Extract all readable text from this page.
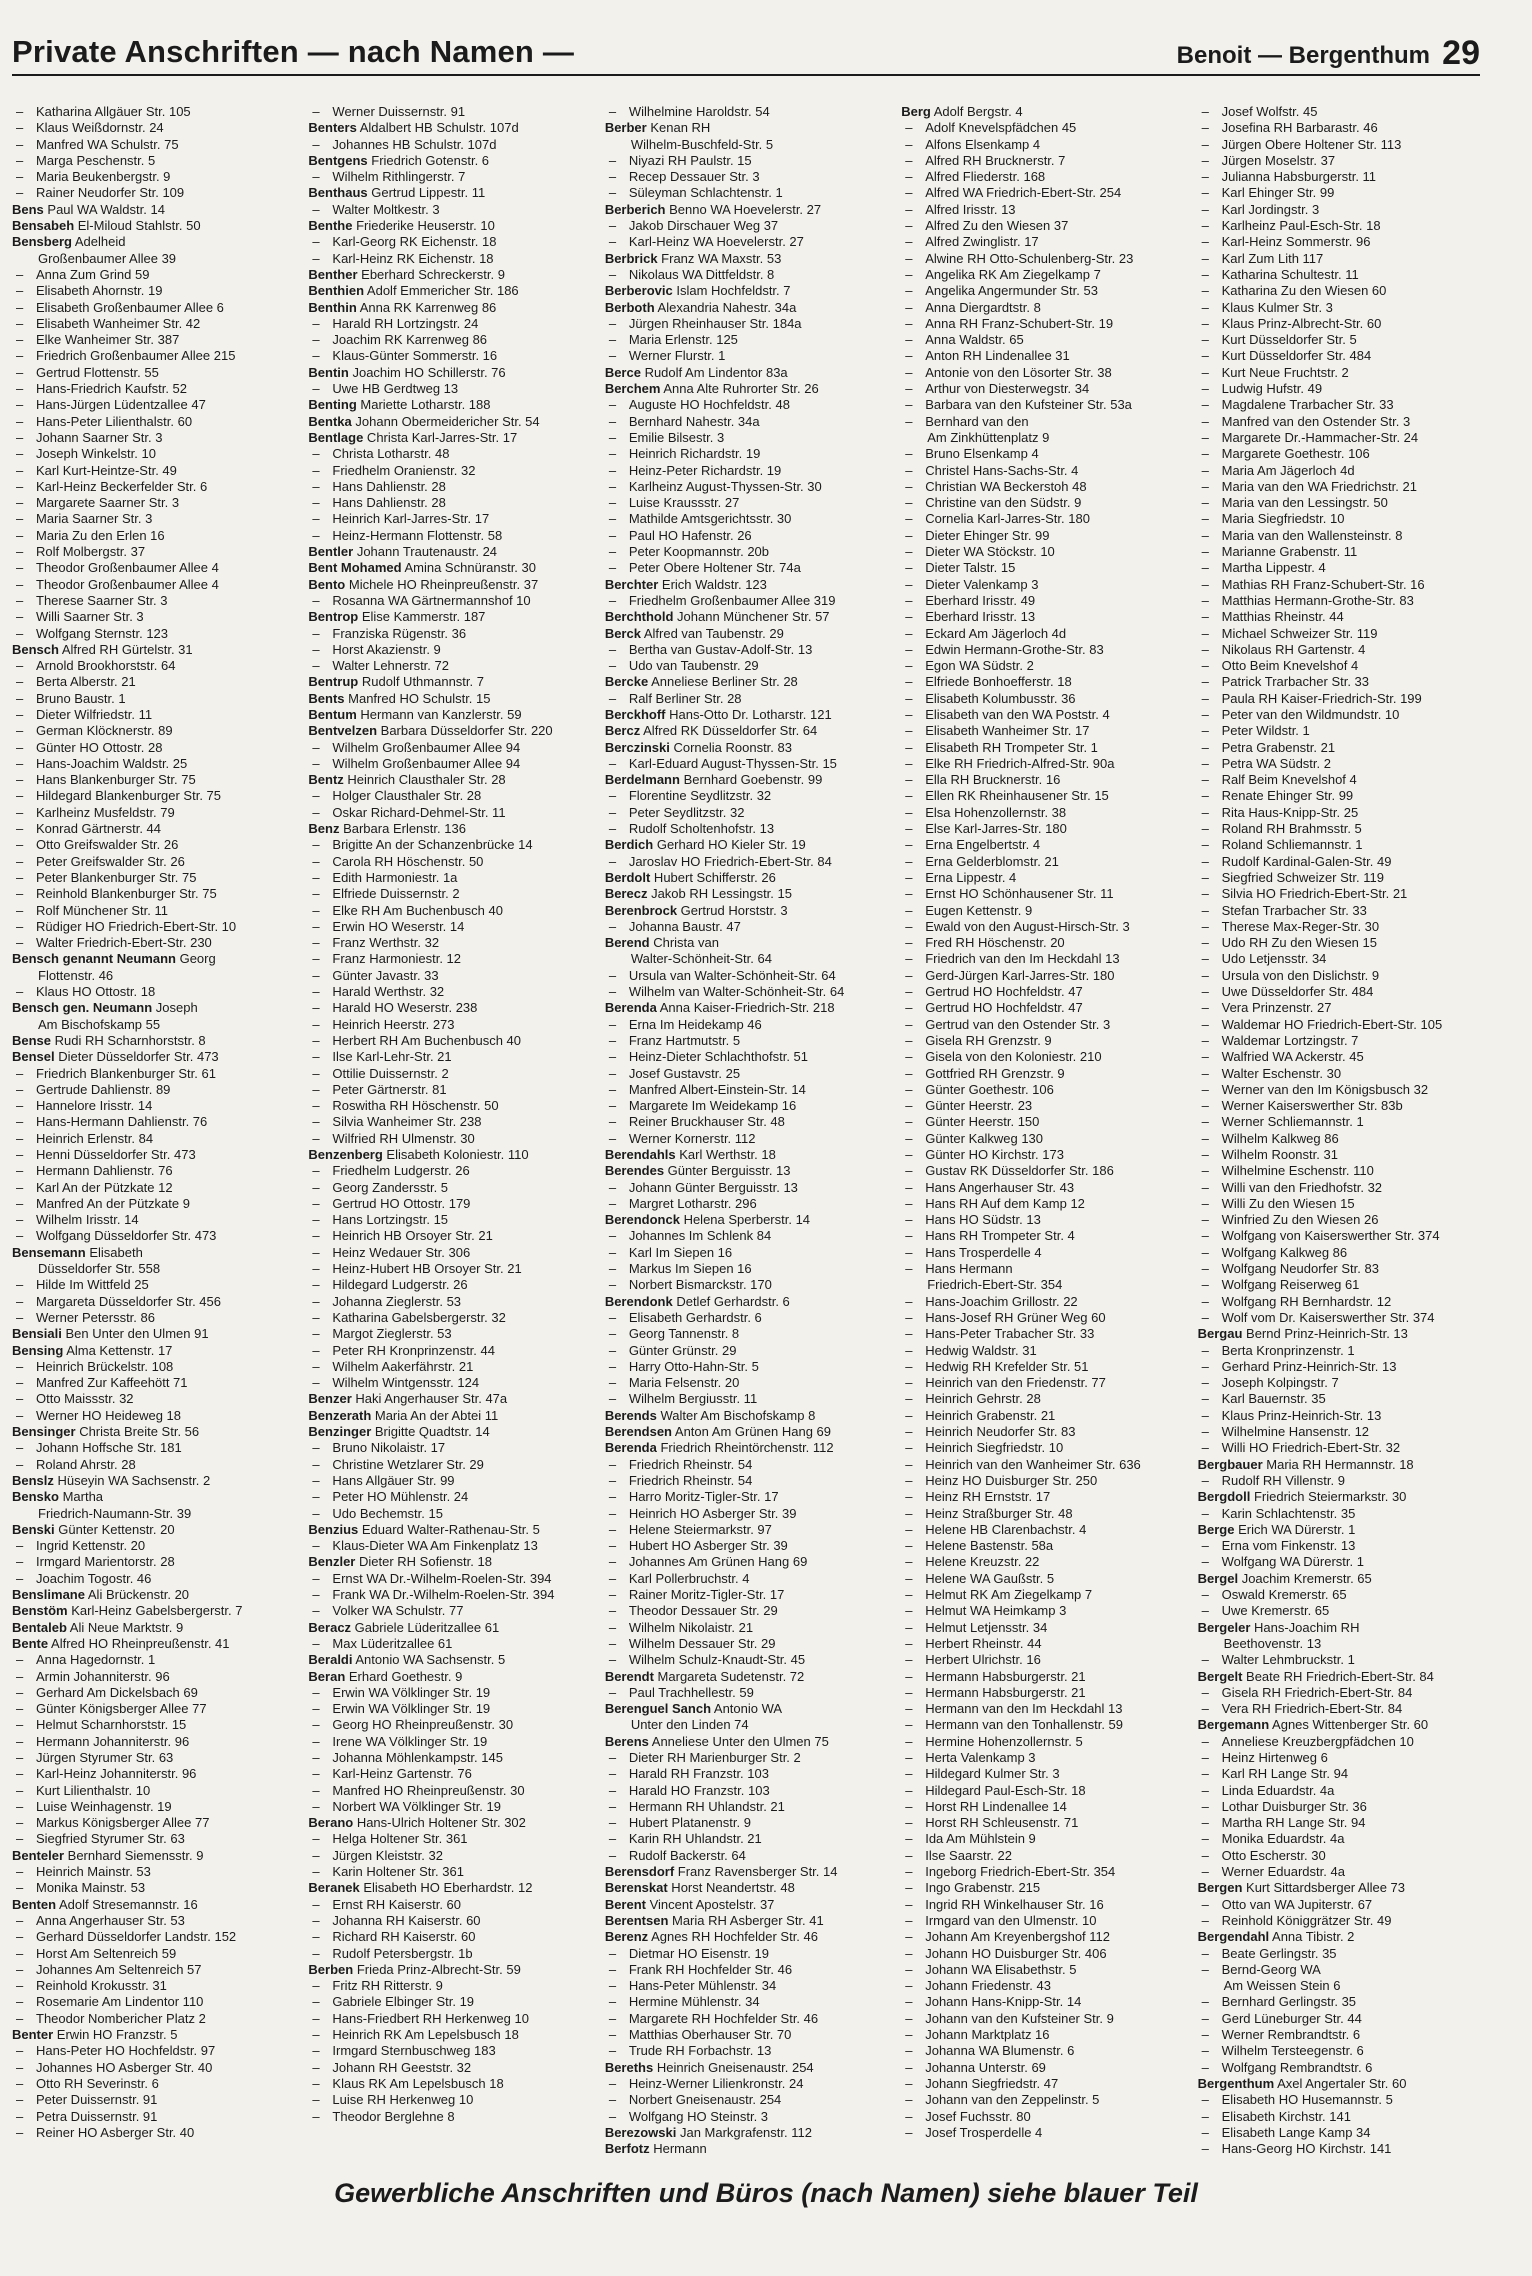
Private Anschriften — nach Namen —	Benoit — Bergenthum 29
– Katharina Allgäuer Str. 105
– Klaus Weißdornstr. 24
– Manfred WA Schulstr. 75
– Marga Peschenstr. 5
– Maria Beukenbergstr. 9
– Rainer Neudorfer Str. 109
Bens Paul WA Waldstr. 14
Bensabeh El-Miloud Stahlstr. 50
Bensberg Adelheid
Großenbaumer Allee 39
– Anna Zum Grind 59
– Elisabeth Ahornstr. 19
– Elisabeth Großenbaumer Allee 6
– Elisabeth Wanheimer Str. 42
– Elke Wanheimer Str. 387
– Friedrich Großenbaumer Allee 215
– Gertrud Flottenstr. 55
– Hans-Friedrich Kaufstr. 52
– Hans-Jürgen Lüdentzallee 47
– Hans-Peter Lilienthalstr. 60
– Johann Saarner Str. 3
– Joseph Winkelstr. 10
– Karl Kurt-Heintze-Str. 49
– Karl-Heinz Beckerfelder Str. 6
– Margarete Saarner Str. 3
– Maria Saarner Str. 3
– Maria Zu den Erlen 16
– Rolf Molbergstr. 37
– Theodor Großenbaumer Allee 4
– Theodor Großenbaumer Allee 4
– Therese Saarner Str. 3
– Willi Saarner Str. 3
– Wolfgang Sternstr. 123
Bensch Alfred RH Gürtelstr. 31
– Arnold Brookhorststr. 64
– Berta Alberstr. 21
– Bruno Baustr. 1
– Dieter Wilfriedstr. 11
– German Klöcknerstr. 89
– Günter HO Ottostr. 28
– Hans-Joachim Waldstr. 25
– Hans Blankenburger Str. 75
– Hildegard Blankenburger Str. 75
– Karlheinz Musfeldstr. 79
– Konrad Gärtnerstr. 44
– Otto Greifswalder Str. 26
– Peter Greifswalder Str. 26
– Peter Blankenburger Str. 75
– Reinhold Blankenburger Str. 75
– Rolf Münchener Str. 11
– Rüdiger HO Friedrich-Ebert-Str. 10
– Walter Friedrich-Ebert-Str. 230
Bensch genannt Neumann Georg
Flottenstr. 46
– Klaus HO Ottostr. 18
Bensch gen. Neumann Joseph
Am Bischofskamp 55
Bense Rudi RH Scharnhorststr. 8
Bensel Dieter Düsseldorfer Str. 473
– Friedrich Blankenburger Str. 61
– Gertrude Dahlienstr. 89
– Hannelore Irisstr. 14
– Hans-Hermann Dahlienstr. 76
– Heinrich Erlenstr. 84
– Henni Düsseldorfer Str. 473
– Hermann Dahlienstr. 76
– Karl An der Pützkate 12
– Manfred An der Pützkate 9
– Wilhelm Irisstr. 14
– Wolfgang Düsseldorfer Str. 473
Bensemann Elisabeth
Düsseldorfer Str. 558
– Hilde Im Wittfeld 25
– Margareta Düsseldorfer Str. 456
– Werner Petersstr. 86
Bensiali Ben Unter den Ulmen 91
Bensing Alma Kettenstr. 17
– Heinrich Brückelstr. 108
– Manfred Zur Kaffeehött 71
– Otto Maissstr. 32
– Werner HO Heideweg 18
Bensinger Christa Breite Str. 56
– Johann Hoffsche Str. 181
– Roland Ahrstr. 28
Benslz Hüseyin WA Sachsenstr. 2
Bensko Martha
Friedrich-Naumann-Str. 39
Benski Günter Kettenstr. 20
– Ingrid Kettenstr. 20
– Irmgard Marientorstr. 28
– Joachim Togostr. 46
Benslimane Ali Brückenstr. 20
Benstöm Karl-Heinz Gabelsbergerstr. 7
Bentaleb Ali Neue Marktstr. 9
Bente Alfred HO Rheinpreußenstr. 41
– Anna Hagedornstr. 1
– Armin Johanniterstr. 96
– Gerhard Am Dickelsbach 69
– Günter Königsberger Allee 77
– Helmut Scharnhorststr. 15
– Hermann Johanniterstr. 96
– Jürgen Styrumer Str. 63
– Karl-Heinz Johanniterstr. 96
– Kurt Lilienthalstr. 10
– Luise Weinhagenstr. 19
– Markus Königsberger Allee 77
– Siegfried Styrumer Str. 63
Benteler Bernhard Siemensstr. 9
– Heinrich Mainstr. 53
– Monika Mainstr. 53
Benten Adolf Stresemannstr. 16
– Anna Angerhauser Str. 53
– Gerhard Düsseldorfer Landstr. 152
– Horst Am Seltenreich 59
– Johannes Am Seltenreich 57
– Reinhold Krokusstr. 31
– Rosemarie Am Lindentor 110
– Theodor Nombericher Platz 2
Benter Erwin HO Franzstr. 5
– Hans-Peter HO Hochfeldstr. 97
– Johannes HO Asberger Str. 40
– Otto RH Severinstr. 6
– Peter Duissernstr. 91
– Petra Duissernstr. 91
– Reiner HO Asberger Str. 40
– Werner Duissernstr. 91
Benters Aldalbert HB Schulstr. 107d
– Johannes HB Schulstr. 107d
Bentgens Friedrich Gotenstr. 6
– Wilhelm Rithlingerstr. 7
Benthaus Gertrud Lippestr. 11
– Walter Moltkestr. 3
Benthe Friederike Heuserstr. 10
– Karl-Georg RK Eichenstr. 18
– Karl-Heinz RK Eichenstr. 18
Benther Eberhard Schreckerstr. 9
Benthien Adolf Emmericher Str. 186
Benthin Anna RK Karrenweg 86
– Harald RH Lortzingstr. 24
– Joachim RK Karrenweg 86
– Klaus-Günter Sommerstr. 16
Bentin Joachim HO Schillerstr. 76
– Uwe HB Gerdtweg 13
Benting Mariette Lotharstr. 188
Bentka Johann Obermeidericher Str. 54
Bentlage Christa Karl-Jarres-Str. 17
– Christa Lotharstr. 48
– Friedhelm Oranienstr. 32
– Hans Dahlienstr. 28
– Hans Dahlienstr. 28
– Heinrich Karl-Jarres-Str. 17
– Heinz-Hermann Flottenstr. 58
Bentler Johann Trautenaustr. 24
Bent Mohamed Amina Schnüranstr. 30
Bento Michele HO Rheinpreußenstr. 37
– Rosanna WA Gärtnermannshof 10
Bentrop Elise Kammerstr. 187
– Franziska Rügenstr. 36
– Horst Akazienstr. 9
– Walter Lehnerstr. 72
Bentrup Rudolf Uthmannstr. 7
Bents Manfred HO Schulstr. 15
Bentum Hermann van Kanzlerstr. 59
Bentvelzen Barbara Düsseldorfer Str. 220
– Wilhelm Großenbaumer Allee 94
– Wilhelm Großenbaumer Allee 94
Bentz Heinrich Clausthaler Str. 28
– Holger Clausthaler Str. 28
– Oskar Richard-Dehmel-Str. 11
Benz Barbara Erlenstr. 136
– Brigitte An der Schanzenbrücke 14
– Carola RH Höschenstr. 50
– Edith Harmoniestr. 1a
– Elfriede Duissernstr. 2
– Elke RH Am Buchenbusch 40
– Erwin HO Weserstr. 14
– Franz Werthstr. 32
– Franz Harmoniestr. 12
– Günter Javastr. 33
– Harald Werthstr. 32
– Harald HO Weserstr. 238
– Heinrich Heerstr. 273
– Herbert RH Am Buchenbusch 40
– Ilse Karl-Lehr-Str. 21
– Ottilie Duissernstr. 2
– Peter Gärtnerstr. 81
– Roswitha RH Höschenstr. 50
– Silvia Wanheimer Str. 238
– Wilfried RH Ulmenstr. 30
Benzenberg Elisabeth Koloniestr. 110
– Friedhelm Ludgerstr. 26
– Georg Zandersstr. 5
– Gertrud HO Ottostr. 179
– Hans Lortzingstr. 15
– Heinrich HB Orsoyer Str. 21
– Heinz Wedauer Str. 306
– Heinz-Hubert HB Orsoyer Str. 21
– Hildegard Ludgerstr. 26
– Johanna Zieglerstr. 53
– Katharina Gabelsbergerstr. 32
– Margot Zieglerstr. 53
– Peter RH Kronprinzenstr. 44
– Wilhelm Aakerfährstr. 21
– Wilhelm Wintgensstr. 124
Benzer Haki Angerhauser Str. 47a
Benzerath Maria An der Abtei 11
Benzinger Brigitte Quadtstr. 14
– Bruno Nikolaistr. 17
– Christine Wetzlarer Str. 29
– Hans Allgäuer Str. 99
– Peter HO Mühlenstr. 24
– Udo Bechemstr. 15
Benzius Eduard Walter-Rathenau-Str. 5
– Klaus-Dieter WA Am Finkenplatz 13
Benzler Dieter RH Sofienstr. 18
– Ernst WA Dr.-Wilhelm-Roelen-Str. 394
– Frank WA Dr.-Wilhelm-Roelen-Str. 394
– Volker WA Schulstr. 77
Beracz Gabriele Lüderitzallee 61
– Max Lüderitzallee 61
Beraldi Antonio WA Sachsenstr. 5
Beran Erhard Goethestr. 9
– Erwin WA Völklinger Str. 19
– Erwin WA Völklinger Str. 19
– Georg HO Rheinpreußenstr. 30
– Irene WA Völklinger Str. 19
– Johanna Möhlenkampstr. 145
– Karl-Heinz Gartenstr. 76
– Manfred HO Rheinpreußenstr. 30
– Norbert WA Völklinger Str. 19
Berano Hans-Ulrich Holtener Str. 302
– Helga Holtener Str. 361
– Jürgen Kleiststr. 32
– Karin Holtener Str. 361
Beranek Elisabeth HO Eberhardstr. 12
– Ernst RH Kaiserstr. 60
– Johanna RH Kaiserstr. 60
– Richard RH Kaiserstr. 60
– Rudolf Petersbergstr. 1b
Berben Frieda Prinz-Albrecht-Str. 59
– Fritz RH Ritterstr. 9
– Gabriele Elbinger Str. 19
– Hans-Friedbert RH Herkenweg 10
– Heinrich RK Am Lepelsbusch 18
– Irmgard Sternbuschweg 183
– Johann RH Geeststr. 32
– Klaus RK Am Lepelsbusch 18
– Luise RH Herkenweg 10
– Theodor Berglehne 8
– Wilhelmine Haroldstr. 54
Berber Kenan RH
Wilhelm-Buschfeld-Str. 5
– Niyazi RH Paulstr. 15
– Recep Dessauer Str. 3
– Süleyman Schlachtenstr. 1
Berberich Benno WA Hoevelerstr. 27
– Jakob Dirschauer Weg 37
– Karl-Heinz WA Hoevelerstr. 27
Berbrick Franz WA Maxstr. 53
– Nikolaus WA Dittfeldstr. 8
Berberovic Islam Hochfeldstr. 7
Berboth Alexandria Nahestr. 34a
– Jürgen Rheinhauser Str. 184a
– Maria Erlenstr. 125
– Werner Flurstr. 1
Berce Rudolf Am Lindentor 83a
Berchem Anna Alte Ruhrorter Str. 26
– Auguste HO Hochfeldstr. 48
– Bernhard Nahestr. 34a
– Emilie Bilsestr. 3
– Heinrich Richardstr. 19
– Heinz-Peter Richardstr. 19
– Karlheinz August-Thyssen-Str. 30
– Luise Kraussstr. 27
– Mathilde Amtsgerichtsstr. 30
– Paul HO Hafenstr. 26
– Peter Koopmannstr. 20b
– Peter Obere Holtener Str. 74a
Berchter Erich Waldstr. 123
– Friedhelm Großenbaumer Allee 319
Berchthold Johann Münchener Str. 57
Berck Alfred van Taubenstr. 29
– Bertha van Gustav-Adolf-Str. 13
– Udo van Taubenstr. 29
Bercke Anneliese Berliner Str. 28
– Ralf Berliner Str. 28
Berckhoff Hans-Otto Dr. Lotharstr. 121
Bercz Alfred RK Düsseldorfer Str. 64
Berczinski Cornelia Roonstr. 83
– Karl-Eduard August-Thyssen-Str. 15
Berdelmann Bernhard Goebenstr. 99
– Florentine Seydlitzstr. 32
– Peter Seydlitzstr. 32
– Rudolf Scholtenhofstr. 13
Berdich Gerhard HO Kieler Str. 19
– Jaroslav HO Friedrich-Ebert-Str. 84
Berdolt Hubert Schifferstr. 26
Berecz Jakob RH Lessingstr. 15
Berenbrock Gertrud Horststr. 3
– Johanna Baustr. 47
Berend Christa van
Walter-Schönheit-Str. 64
– Ursula van Walter-Schönheit-Str. 64
– Wilhelm van Walter-Schönheit-Str. 64
Berenda Anna Kaiser-Friedrich-Str. 218
– Erna Im Heidekamp 46
– Franz Hartmutstr. 5
– Heinz-Dieter Schlachthofstr. 51
– Josef Gustavstr. 25
– Manfred Albert-Einstein-Str. 14
– Margarete Im Weidekamp 16
– Reiner Bruckhauser Str. 48
– Werner Kornerstr. 112
Berendahls Karl Werthstr. 18
Berendes Günter Berguisstr. 13
– Johann Günter Berguisstr. 13
– Margret Lotharstr. 296
Berendonck Helena Sperberstr. 14
– Johannes Im Schlenk 84
– Karl Im Siepen 16
– Markus Im Siepen 16
– Norbert Bismarckstr. 170
Berendonk Detlef Gerhardstr. 6
– Elisabeth Gerhardstr. 6
– Georg Tannenstr. 8
– Günter Grünstr. 29
– Harry Otto-Hahn-Str. 5
– Maria Felsenstr. 20
– Wilhelm Bergiusstr. 11
Berends Walter Am Bischofskamp 8
Berendsen Anton Am Grünen Hang 69
Berenda Friedrich Rheintörchenstr. 112
– Friedrich Rheinstr. 54
– Friedrich Rheinstr. 54
– Harro Moritz-Tigler-Str. 17
– Heinrich HO Asberger Str. 39
– Helene Steiermarkstr. 97
– Hubert HO Asberger Str. 39
– Johannes Am Grünen Hang 69
– Karl Pollerbruchstr. 4
– Rainer Moritz-Tigler-Str. 17
– Theodor Dessauer Str. 29
– Wilhelm Nikolaistr. 21
– Wilhelm Dessauer Str. 29
– Wilhelm Schulz-Knaudt-Str. 45
Berendt Margareta Sudetenstr. 72
– Paul Trachhellestr. 59
Berenguel Sanch Antonio WA
Unter den Linden 74
Berens Anneliese Unter den Ulmen 75
– Dieter RH Marienburger Str. 2
– Harald RH Franzstr. 103
– Harald HO Franzstr. 103
– Hermann RH Uhlandstr. 21
– Hubert Platanenstr. 9
– Karin RH Uhlandstr. 21
– Rudolf Backerstr. 64
Berensdorf Franz Ravensberger Str. 14
Berenskat Horst Neandertstr. 48
Berent Vincent Apostelstr. 37
Berentsen Maria RH Asberger Str. 41
Berenz Agnes RH Hochfelder Str. 46
– Dietmar HO Eisenstr. 19
– Frank RH Hochfelder Str. 46
– Hans-Peter Mühlenstr. 34
– Hermine Mühlenstr. 34
– Margarete RH Hochfelder Str. 46
– Matthias Oberhauser Str. 70
– Trude RH Forbachstr. 13
Bereths Heinrich Gneisenaustr. 254
– Heinz-Werner Lilienkronstr. 24
– Norbert Gneisenaustr. 254
– Wolfgang HO Steinstr. 3
Berezowski Jan Markgrafenstr. 112
Berfotz Hermann
Berg Adolf Bergstr. 4
– Adolf Knevelspfädchen 45
– Alfons Elsenkamp 4
– Alfred RH Brucknerstr. 7
– Alfred Fliederstr. 168
– Alfred WA Friedrich-Ebert-Str. 254
– Alfred Irisstr. 13
– Alfred Zu den Wiesen 37
– Alfred Zwinglistr. 17
– Alwine RH Otto-Schulenberg-Str. 23
– Angelika RK Am Ziegelkamp 7
– Angelika Angermunder Str. 53
– Anna Diergardtstr. 8
– Anna RH Franz-Schubert-Str. 19
– Anna Waldstr. 65
– Anton RH Lindenallee 31
– Antonie von den Lösorter Str. 38
– Arthur von Diesterwegstr. 34
– Barbara van den Kufsteiner Str. 53a
– Bernhard van den
Am Zinkhüttenplatz 9
– Bruno Elsenkamp 4
– Christel Hans-Sachs-Str. 4
– Christian WA Beckerstoh 48
– Christine van den Südstr. 9
– Cornelia Karl-Jarres-Str. 180
– Dieter Ehinger Str. 99
– Dieter WA Stöckstr. 10
– Dieter Talstr. 15
– Dieter Valenkamp 3
– Eberhard Irisstr. 49
– Eberhard Irisstr. 13
– Eckard Am Jägerloch 4d
– Edwin Hermann-Grothe-Str. 83
– Egon WA Südstr. 2
– Elfriede Bonhoefferstr. 18
– Elisabeth Kolumbusstr. 36
– Elisabeth van den WA Poststr. 4
– Elisabeth Wanheimer Str. 17
– Elisabeth RH Trompeter Str. 1
– Elke RH Friedrich-Alfred-Str. 90a
– Ella RH Brucknerstr. 16
– Ellen RK Rheinhausener Str. 15
– Elsa Hohenzollernstr. 38
– Else Karl-Jarres-Str. 180
– Erna Engelbertstr. 4
– Erna Gelderblomstr. 21
– Erna Lippestr. 4
– Ernst HO Schönhausener Str. 11
– Eugen Kettenstr. 9
– Ewald von den August-Hirsch-Str. 3
– Fred RH Höschenstr. 20
– Friedrich van den Im Heckdahl 13
– Gerd-Jürgen Karl-Jarres-Str. 180
– Gertrud HO Hochfeldstr. 47
– Gertrud HO Hochfeldstr. 47
– Gertrud van den Ostender Str. 3
– Gisela RH Grenzstr. 9
– Gisela von den Koloniestr. 210
– Gottfried RH Grenzstr. 9
– Günter Goethestr. 106
– Günter Heerstr. 23
– Günter Heerstr. 150
– Günter Kalkweg 130
– Günter HO Kirchstr. 173
– Gustav RK Düsseldorfer Str. 186
– Hans Angerhauser Str. 43
– Hans RH Auf dem Kamp 12
– Hans HO Südstr. 13
– Hans RH Trompeter Str. 4
– Hans Trosperdelle 4
– Hans Hermann
Friedrich-Ebert-Str. 354
– Hans-Joachim Grillostr. 22
– Hans-Josef RH Grüner Weg 60
– Hans-Peter Trabacher Str. 33
– Hedwig Waldstr. 31
– Hedwig RH Krefelder Str. 51
– Heinrich van den Friedenstr. 77
– Heinrich Gehrstr. 28
– Heinrich Grabenstr. 21
– Heinrich Neudorfer Str. 83
– Heinrich Siegfriedstr. 10
– Heinrich van den Wanheimer Str. 636
– Heinz HO Duisburger Str. 250
– Heinz RH Ernststr. 17
– Heinz Straßburger Str. 48
– Helene HB Clarenbachstr. 4
– Helene Bastenstr. 58a
– Helene Kreuzstr. 22
– Helene WA Gaußstr. 5
– Helmut RK Am Ziegelkamp 7
– Helmut WA Heimkamp 3
– Helmut Letjensstr. 34
– Herbert Rheinstr. 44
– Herbert Ulrichstr. 16
– Hermann Habsburgerstr. 21
– Hermann Habsburgerstr. 21
– Hermann van den Im Heckdahl 13
– Hermann van den Tonhallenstr. 59
– Hermine Hohenzollernstr. 5
– Herta Valenkamp 3
– Hildegard Kulmer Str. 3
– Hildegard Paul-Esch-Str. 18
– Horst RH Lindenallee 14
– Horst RH Schleusenstr. 71
– Ida Am Mühlstein 9
– Ilse Saarstr. 22
– Ingeborg Friedrich-Ebert-Str. 354
– Ingo Grabenstr. 215
– Ingrid RH Winkelhauser Str. 16
– Irmgard van den Ulmenstr. 10
– Johann Am Kreyenbergshof 112
– Johann HO Duisburger Str. 406
– Johann WA Elisabethstr. 5
– Johann Friedenstr. 43
– Johann Hans-Knipp-Str. 14
– Johann van den Kufsteiner Str. 9
– Johann Marktplatz 16
– Johanna WA Blumenstr. 6
– Johanna Unterstr. 69
– Johann Siegfriedstr. 47
– Johann van den Zeppelinstr. 5
– Josef Fuchsstr. 80
– Josef Trosperdelle 4
– Josef Wolfstr. 45
– Josefina RH Barbarastr. 46
– Jürgen Obere Holtener Str. 113
– Jürgen Moselstr. 37
– Julianna Habsburgerstr. 11
– Karl Ehinger Str. 99
– Karl Jordingstr. 3
– Karlheinz Paul-Esch-Str. 18
– Karl-Heinz Sommerstr. 96
– Karl Zum Lith 117
– Katharina Schultestr. 11
– Katharina Zu den Wiesen 60
– Klaus Kulmer Str. 3
– Klaus Prinz-Albrecht-Str. 60
– Kurt Düsseldorfer Str. 5
– Kurt Düsseldorfer Str. 484
– Kurt Neue Fruchtstr. 2
– Ludwig Hufstr. 49
– Magdalene Trarbacher Str. 33
– Manfred van den Ostender Str. 3
– Margarete Dr.-Hammacher-Str. 24
– Margarete Goethestr. 106
– Maria Am Jägerloch 4d
– Maria van den WA Friedrichstr. 21
– Maria van den Lessingstr. 50
– Maria Siegfriedstr. 10
– Maria van den Wallensteinstr. 8
– Marianne Grabenstr. 11
– Martha Lippestr. 4
– Mathias RH Franz-Schubert-Str. 16
– Matthias Hermann-Grothe-Str. 83
– Matthias Rheinstr. 44
– Michael Schweizer Str. 119
– Nikolaus RH Gartenstr. 4
– Otto Beim Knevelshof 4
– Patrick Trarbacher Str. 33
– Paula RH Kaiser-Friedrich-Str. 199
– Peter van den Wildmundstr. 10
– Peter Wildstr. 1
– Petra Grabenstr. 21
– Petra WA Südstr. 2
– Ralf Beim Knevelshof 4
– Renate Ehinger Str. 99
– Rita Haus-Knipp-Str. 25
– Roland RH Brahmsstr. 5
– Roland Schliemannstr. 1
– Rudolf Kardinal-Galen-Str. 49
– Siegfried Schweizer Str. 119
– Silvia HO Friedrich-Ebert-Str. 21
– Stefan Trarbacher Str. 33
– Therese Max-Reger-Str. 30
– Udo RH Zu den Wiesen 15
– Udo Letjensstr. 34
– Ursula von den Dislichstr. 9
– Uwe Düsseldorfer Str. 484
– Vera Prinzenstr. 27
– Waldemar HO Friedrich-Ebert-Str. 105
– Waldemar Lortzingstr. 7
– Walfried WA Ackerstr. 45
– Walter Eschenstr. 30
– Werner van den Im Königsbusch 32
– Werner Kaiserswerther Str. 83b
– Werner Schliemannstr. 1
– Wilhelm Kalkweg 86
– Wilhelm Roonstr. 31
– Wilhelmine Eschenstr. 110
– Willi van den Friedhofstr. 32
– Willi Zu den Wiesen 15
– Winfried Zu den Wiesen 26
– Wolfgang von Kaiserswerther Str. 374
– Wolfgang Kalkweg 86
– Wolfgang Neudorfer Str. 83
– Wolfgang Reiserweg 61
– Wolfgang RH Bernhardstr. 12
– Wolf vom Dr. Kaiserswerther Str. 374
Bergau Bernd Prinz-Heinrich-Str. 13
– Berta Kronprinzenstr. 1
– Gerhard Prinz-Heinrich-Str. 13
– Joseph Kolpingstr. 7
– Karl Bauernstr. 35
– Klaus Prinz-Heinrich-Str. 13
– Wilhelmine Hansenstr. 12
– Willi HO Friedrich-Ebert-Str. 32
Bergbauer Maria RH Hermannstr. 18
– Rudolf RH Villenstr. 9
Bergdoll Friedrich Steiermarkstr. 30
– Karin Schlachtenstr. 35
Berge Erich WA Dürerstr. 1
– Erna vom Finkenstr. 13
– Wolfgang WA Dürerstr. 1
Bergel Joachim Kremerstr. 65
– Oswald Kremerstr. 65
– Uwe Kremerstr. 65
Bergeler Hans-Joachim RH
Beethovenstr. 13
– Walter Lehmbruckstr. 1
Bergelt Beate RH Friedrich-Ebert-Str. 84
– Gisela RH Friedrich-Ebert-Str. 84
– Vera RH Friedrich-Ebert-Str. 84
Bergemann Agnes Wittenberger Str. 60
– Anneliese Kreuzbergpfädchen 10
– Heinz Hirtenweg 6
– Karl RH Lange Str. 94
– Linda Eduardstr. 4a
– Lothar Duisburger Str. 36
– Martha RH Lange Str. 94
– Monika Eduardstr. 4a
– Otto Escherstr. 30
– Werner Eduardstr. 4a
Bergen Kurt Sittardsberger Allee 73
– Otto van WA Jupiterstr. 67
– Reinhold Königgrätzer Str. 49
Bergendahl Anna Tibistr. 2
– Beate Gerlingstr. 35
– Bernd-Georg WA
Am Weissen Stein 6
– Bernhard Gerlingstr. 35
– Gerd Lüneburger Str. 44
– Werner Rembrandtstr. 6
– Wilhelm Tersteegenstr. 6
– Wolfgang Rembrandtstr. 6
Bergenthum Axel Angertaler Str. 60
– Elisabeth HO Husemannstr. 5
– Elisabeth Kirchstr. 141
– Elisabeth Lange Kamp 34
– Hans-Georg HO Kirchstr. 141
Gewerbliche Anschriften und Büros (nach Namen) siehe blauer Teil
